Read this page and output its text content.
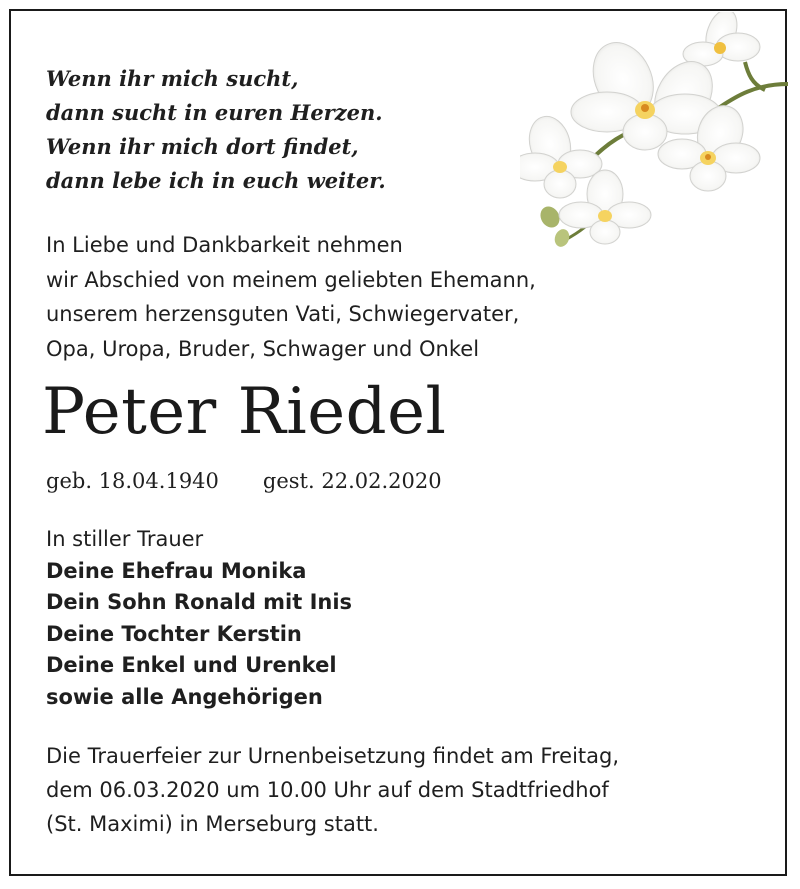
Wenn ihr mich sucht,
dann sucht in euren Herzen.
Wenn ihr mich dort findet,
dann lebe ich in euch weiter.
In Liebe und Dankbarkeit nehmen
wir Abschied von meinem geliebten Ehemann,
unserem herzensguten Vati, Schwiegervater,
Opa, Uropa, Bruder, Schwager und Onkel
Peter Riedel
geb. 18.04.1940 gest. 22.02.2020
In stiller Trauer
Deine Ehefrau Monika
Dein Sohn Ronald mit Inis
Deine Tochter Kerstin
Deine Enkel und Urenkel
sowie alle Angehörigen
Die Trauerfeier zur Urnenbeisetzung findet am Freitag,
dem 06.03.2020 um 10.00 Uhr auf dem Stadtfriedhof
(St. Maximi) in Merseburg statt.
